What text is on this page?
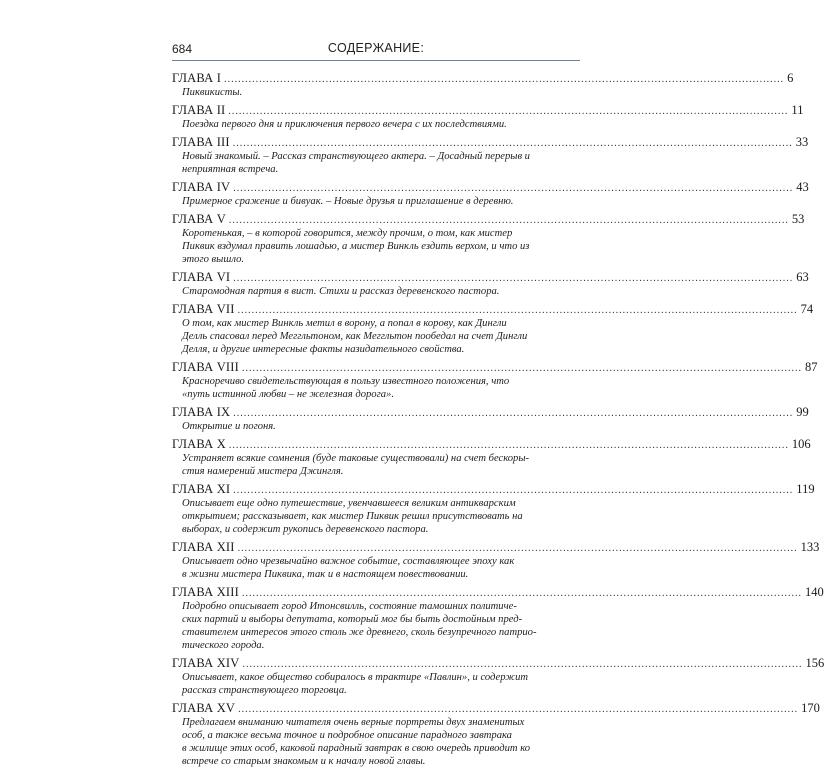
684	СОДЕРЖАНИЕ:
ГЛАВА I ................................................................................................................................................................ 6
Пиквикисты.
ГЛАВА II ................................................................................................................................................................ 11
Поездка первого дня и приключения первого вечера с их последствиями.
ГЛАВА III ................................................................................................................................................................ 33
Новый знакомый. – Рассказ странствующего актера. – Досадный перерыв и
неприятная встреча.
ГЛАВА IV ................................................................................................................................................................ 43
Примерное сражение и бивуак. – Новые друзья и приглашение в деревню.
ГЛАВА V ................................................................................................................................................................ 53
Коротенькая, – в которой говорится, между прочим, о том, как мистер
Пиквик вздумал править лошадью, а мистер Винкль ездить верхом, и что из
этого вышло.
ГЛАВА VI ................................................................................................................................................................ 63
Старомодная партия в вист. Стихи и рассказ деревенского пастора.
ГЛАВА VII ................................................................................................................................................................ 74
О том, как мистер Винкль метил в ворону, а попал в корову, как Дингли
Делль спасовал перед Меггльтоном, как Меггльтон пообедал на счет Дингли
Делля, и другие интересные факты назидательного свойства.
ГЛАВА VIII ................................................................................................................................................................ 87
Красноречиво свидетельствующая в пользу известного положения, что
«путь истинной любви – не железная дорога».
ГЛАВА IX ................................................................................................................................................................ 99
Открытие и погоня.
ГЛАВА X ................................................................................................................................................................ 106
Устраняет всякие сомнения (буде таковые существовали) на счет бескоры-
стия намерений мистера Джингля.
ГЛАВА XI ................................................................................................................................................................ 119
Описывает еще одно путешествие, увенчавшееся великим антикварским
открытием; рассказывает, как мистер Пиквик решил присутствовать на
выборах, и содержит рукопись деревенского пастора.
ГЛАВА XII ................................................................................................................................................................ 133
Описывает одно чрезвычайно важное событие, составляющее эпоху как
в жизни мистера Пиквика, так и в настоящем повествовании.
ГЛАВА XIII ................................................................................................................................................................ 140
Подробно описывает город Итонсвилль, состояние тамошних политиче-
ских партий и выборы депутата, который мог бы быть достойным пред-
ставителем интересов этого столь же древнего, сколь безупречного патрио-
тического города.
ГЛАВА XIV ................................................................................................................................................................ 156
Описывает, какое общество собиралось в трактире «Павлин», и содержит
рассказ странствующего торговца.
ГЛАВА XV ................................................................................................................................................................ 170
Предлагаем вниманию читателя очень верные портреты двух знаменитых
особ, а также весьма точное и подробное описание парадного завтрака
в жилище этих особ, каковой парадный завтрак в свою очередь приводит ко
встрече со старым знакомым и к началу новой главы.
